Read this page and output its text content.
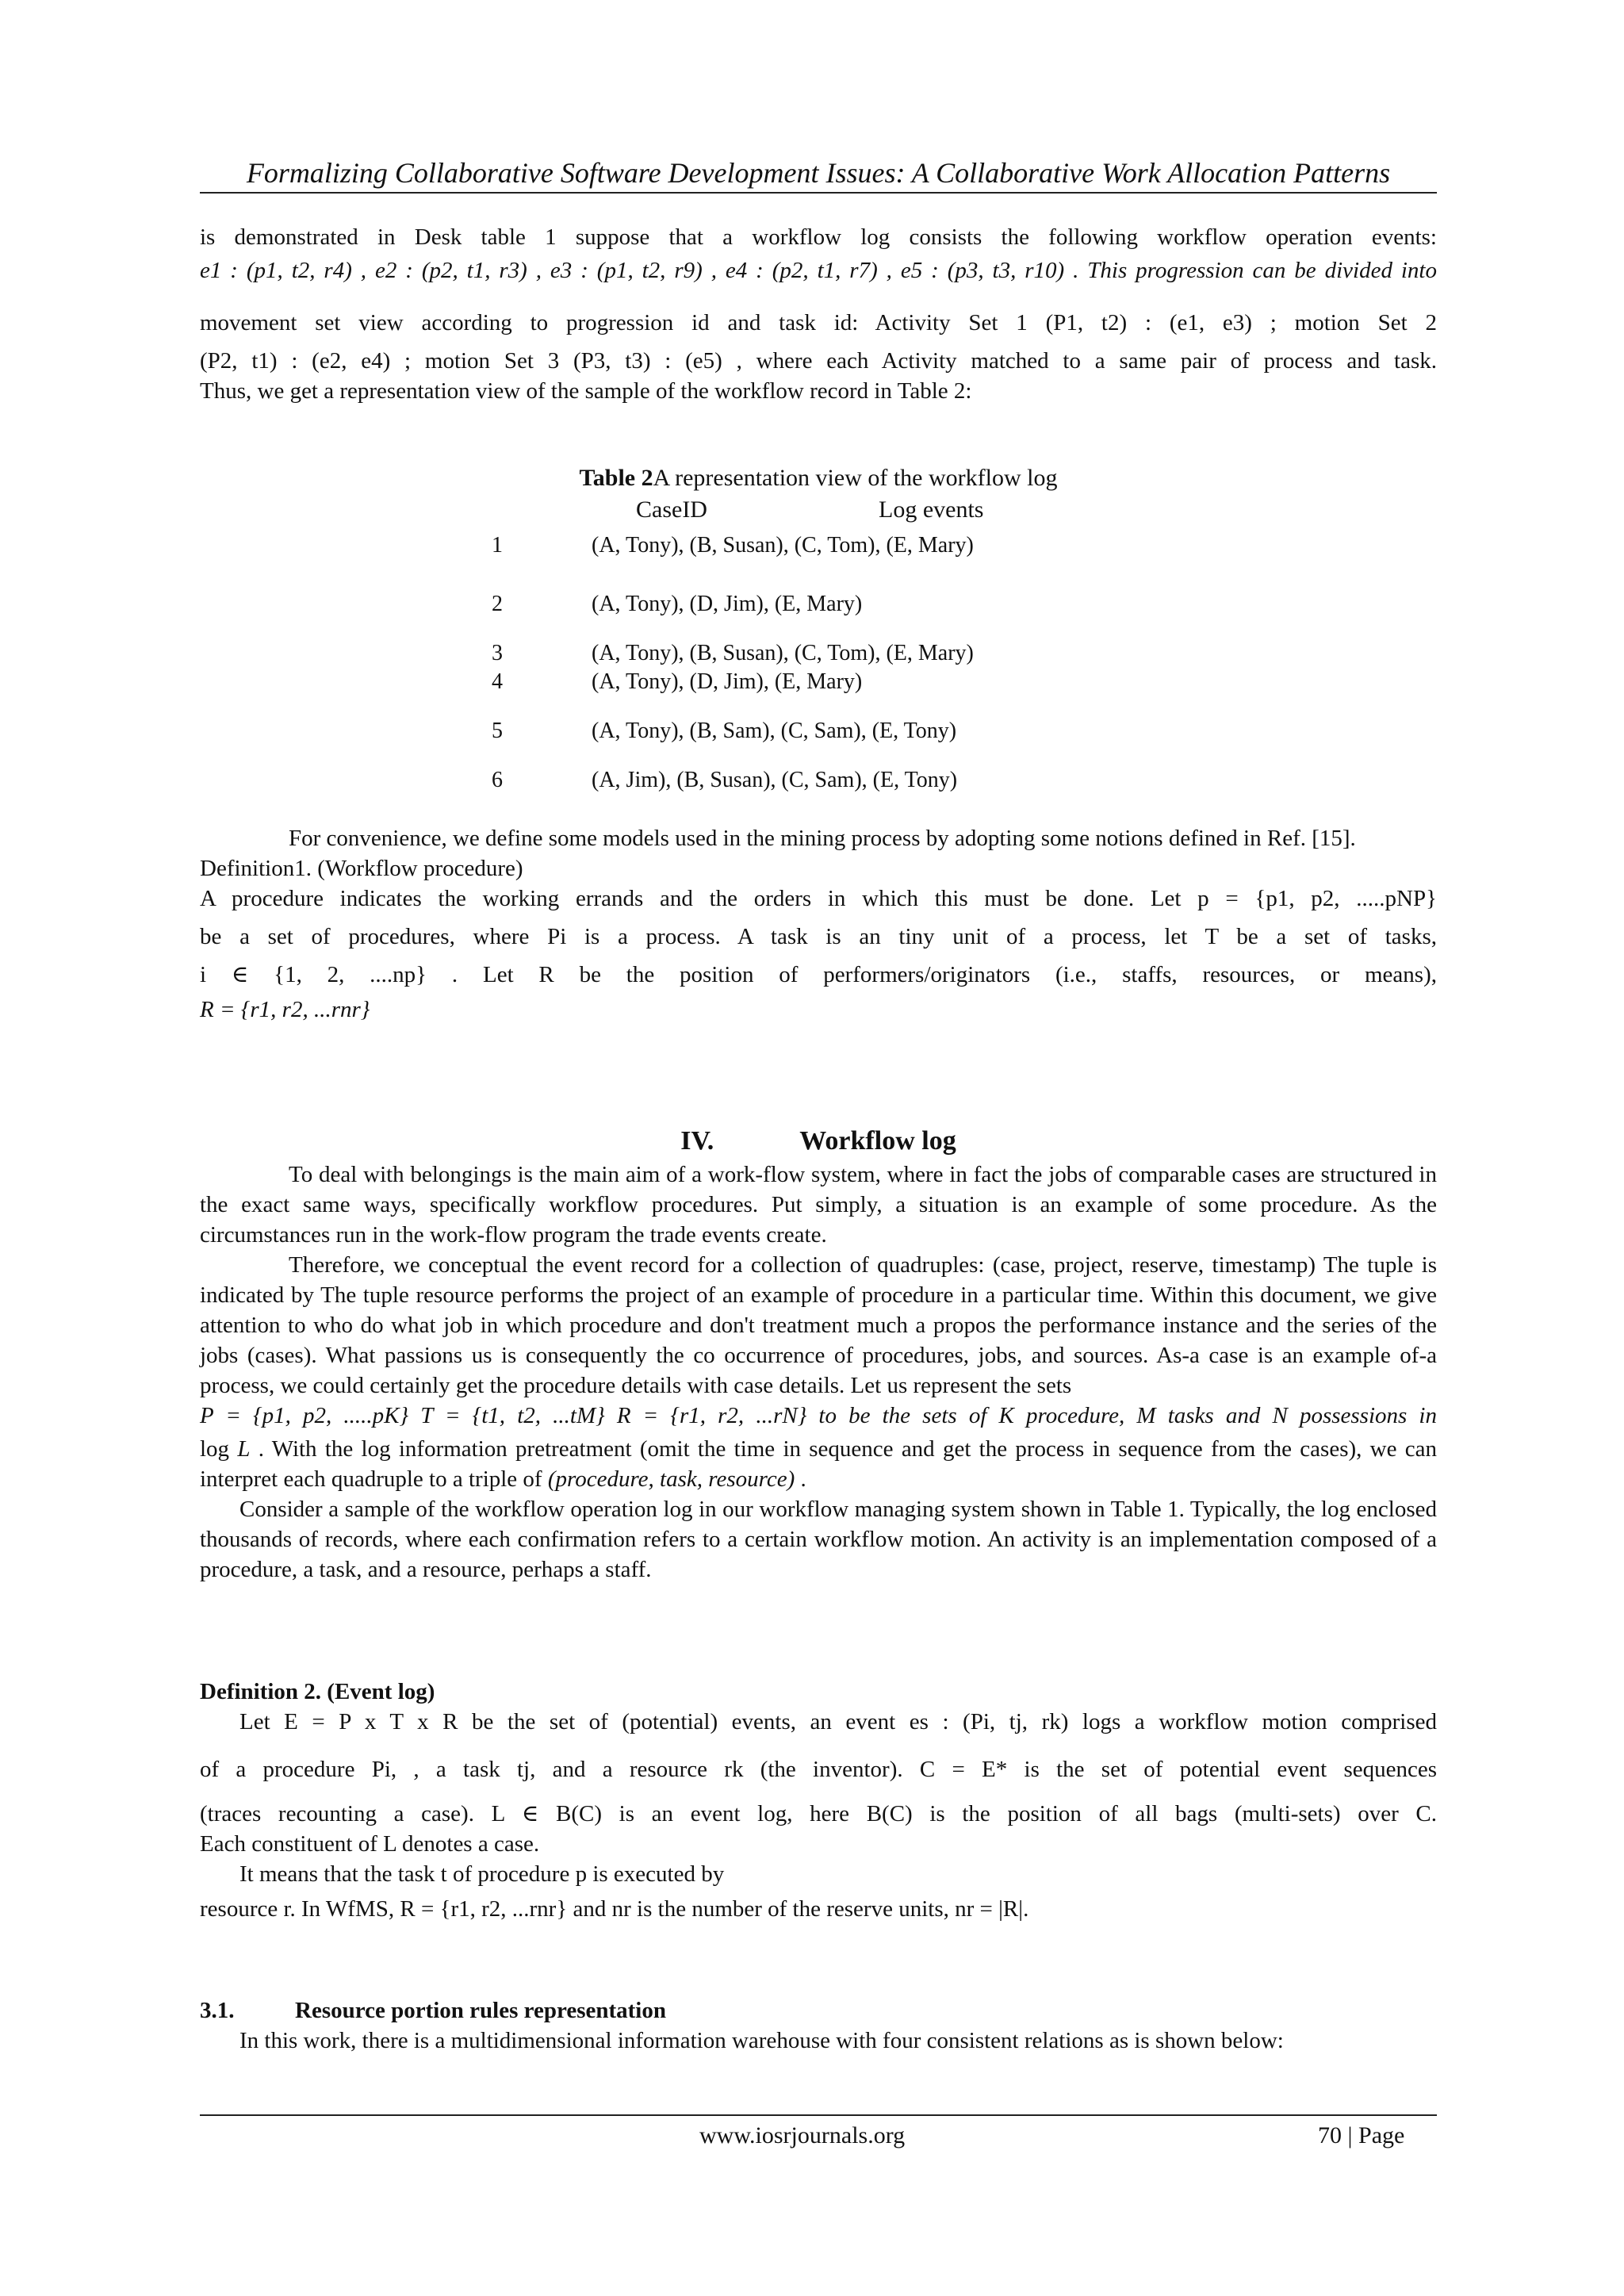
Formalizing Collaborative Software Development Issues: A Collaborative Work Allocation Patterns
is demonstrated in Desk table 1 suppose that a workflow log consists the following workflow operation events:
e1 : (p1, t2, r4) , e2 : (p2, t1, r3) , e3 : (p1, t2, r9) , e4 : (p2, t1, r7) , e5 : (p3, t3, r10) . This progression can be divided into
movement set view according to progression id and task id: Activity Set 1 (P1, t2) : (e1, e3) ; motion Set 2
(P2, t1) : (e2, e4) ; motion Set 3 (P3, t3) : (e5) , where each Activity matched to a same pair of process and task.
Thus, we get a representation view of the sample of the workflow record in Table 2:
Table 2A representation view of the workflow log
CaseID	Log events
1	(A, Tony), (B, Susan), (C, Tom), (E, Mary)
2	(A, Tony), (D, Jim), (E, Mary)
3	(A, Tony), (B, Susan), (C, Tom), (E, Mary)
4	(A, Tony), (D, Jim), (E, Mary)
5	(A, Tony), (B, Sam), (C, Sam), (E, Tony)
6	(A, Jim), (B, Susan), (C, Sam), (E, Tony)
For convenience, we define some models used in the mining process by adopting some notions defined in Ref. [15].
Definition1. (Workflow procedure)
A procedure indicates the working errands and the orders in which this must be done. Let p = {p1, p2, .....pNP}
be a set of procedures, where Pi is a process. A task is an tiny unit of a process, let T be a set of tasks,
i ∈ {1, 2, ....np} . Let R be the position of performers/originators (i.e., staffs, resources, or means),
R = {r1, r2, ...rnr}
IV.	Workflow log
To deal with belongings is the main aim of a work-flow system, where in fact the jobs of comparable cases are structured in the exact same ways, specifically workflow procedures. Put simply, a situation is an example of some procedure. As the circumstances run in the work-flow program the trade events create.
Therefore, we conceptual the event record for a collection of quadruples: (case, project, reserve, timestamp) The tuple is indicated by The tuple resource performs the project of an example of procedure in a particular time. Within this document, we give attention to who do what job in which procedure and don't treatment much a propos the performance instance and the series of the jobs (cases). What passions us is consequently the co occurrence of procedures, jobs, and sources. As-a case is an example of-a process, we could certainly get the procedure details with case details. Let us represent the sets
P = {p1, p2, .....pK} T = {t1, t2, ...tM} R = {r1, r2, ...rN} to be the sets of K procedure, M tasks and N possessions in
log L . With the log information pretreatment (omit the time in sequence and get the process in sequence from the cases), we can interpret each quadruple to a triple of (procedure, task, resource) .
Consider a sample of the workflow operation log in our workflow managing system shown in Table 1. Typically, the log enclosed thousands of records, where each confirmation refers to a certain workflow motion. An activity is an implementation composed of a procedure, a task, and a resource, perhaps a staff.
Definition 2. (Event log)
Let E = P x T x R be the set of (potential) events, an event es : (Pi, tj, rk) logs a workflow motion comprised
of a procedure Pi, , a task tj, and a resource rk (the inventor). C = E* is the set of potential event sequences
(traces recounting a case). L ∈ B(C) is an event log, here B(C) is the position of all bags (multi-sets) over C.
Each constituent of L denotes a case.
It means that the task t of procedure p is executed by
resource r. In WfMS, R = {r1, r2, ...rnr} and nr is the number of the reserve units, nr = |R|.
3.1.	Resource portion rules representation
In this work, there is a multidimensional information warehouse with four consistent relations as is shown below:
www.iosrjournals.org	70 | Page
